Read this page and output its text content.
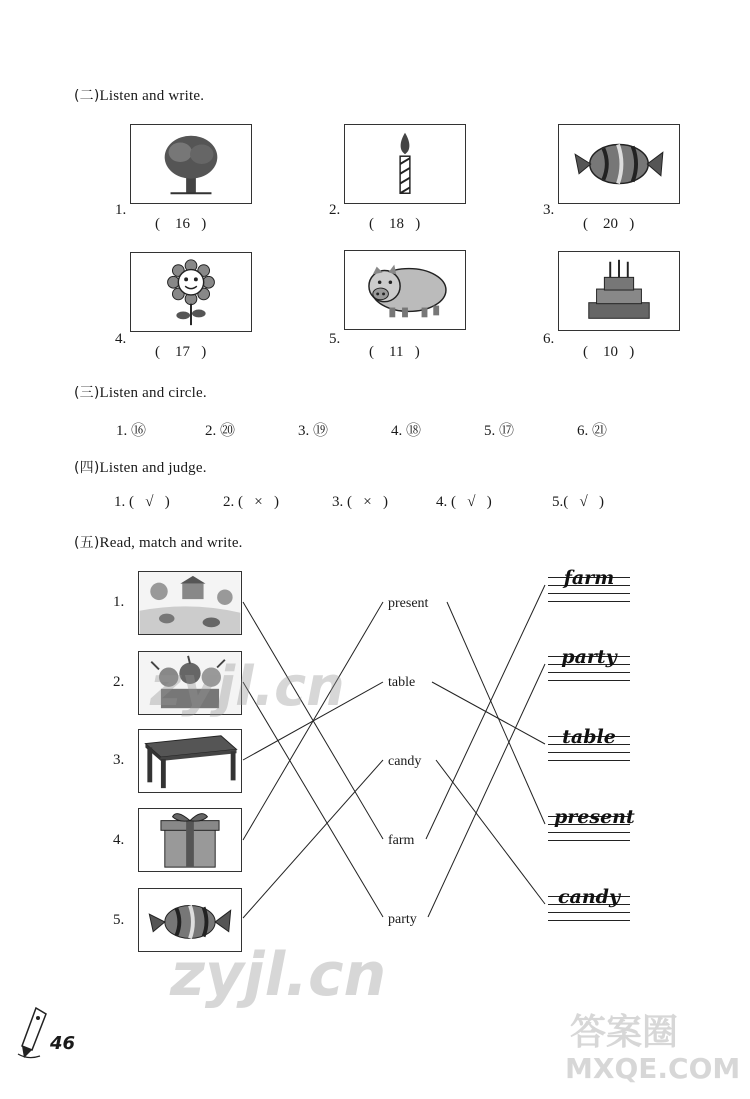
(二)Listen and write.
1.
(    16   )
2.
(    18   )
3.
(    20   )
4.
(    17   )
5.
(    11   )
6.
(    10   )
(三)Listen and circle.
1. ⑯	2. ⑳	3. ⑲	4. ⑱	5. ⑰	6. ㉑
(四)Listen and judge.
1. (   √   )	2. (   ×   )	3. (   ×   )	4. (   √   )	5.(   √   )
(五)Read, match and write.
1.
2.
3.
4.
5.
present
table
candy
farm
party
farm
party
table
present
candy
zyjl.cn
zyjl.cn
答案圈
MXQE.COM
46
